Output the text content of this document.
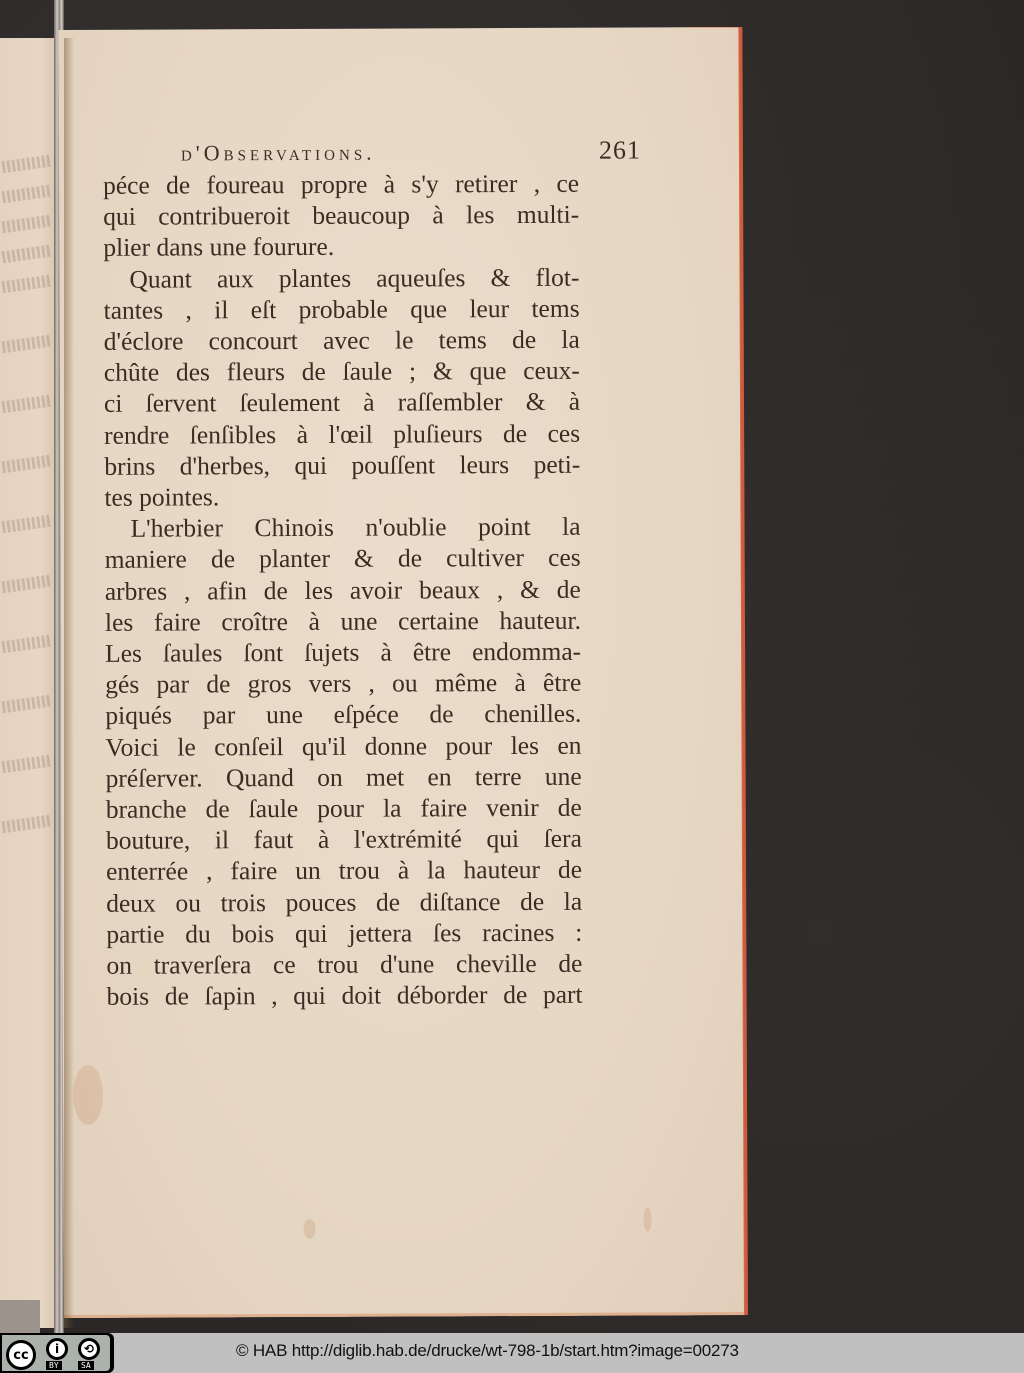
d'Observations.	261
péce de foureau propre à s'y retirer , ce
qui contribueroit beaucoup à les multi-
plier dans une fourure.
Quant aux plantes aqueuſes & flot-
tantes , il eſt probable que leur tems
d'éclore concourt avec le tems de la
chûte des fleurs de ſaule ; & que ceux-
ci ſervent ſeulement à raſſembler & à
rendre ſenſibles à l'œil pluſieurs de ces
brins d'herbes, qui pouſſent leurs peti-
tes pointes.
L'herbier Chinois n'oublie point la
maniere de planter & de cultiver ces
arbres , afin de les avoir beaux , & de
les faire croître à une certaine hauteur.
Les ſaules ſont ſujets à être endomma-
gés par de gros vers , ou même à être
piqués par une eſpéce de chenilles.
Voici le conſeil qu'il donne pour les en
préſerver. Quand on met en terre une
branche de ſaule pour la faire venir de
bouture, il faut à l'extrémité qui ſera
enterrée , faire un trou à la hauteur de
deux ou trois pouces de diſtance de la
partie du bois qui jettera ſes racines :
on traverſera ce trou d'une cheville de
bois de ſapin , qui doit déborder de part
cc	i	⟲
BY	SA
© HAB http://diglib.hab.de/drucke/wt-798-1b/start.htm?image=00273
